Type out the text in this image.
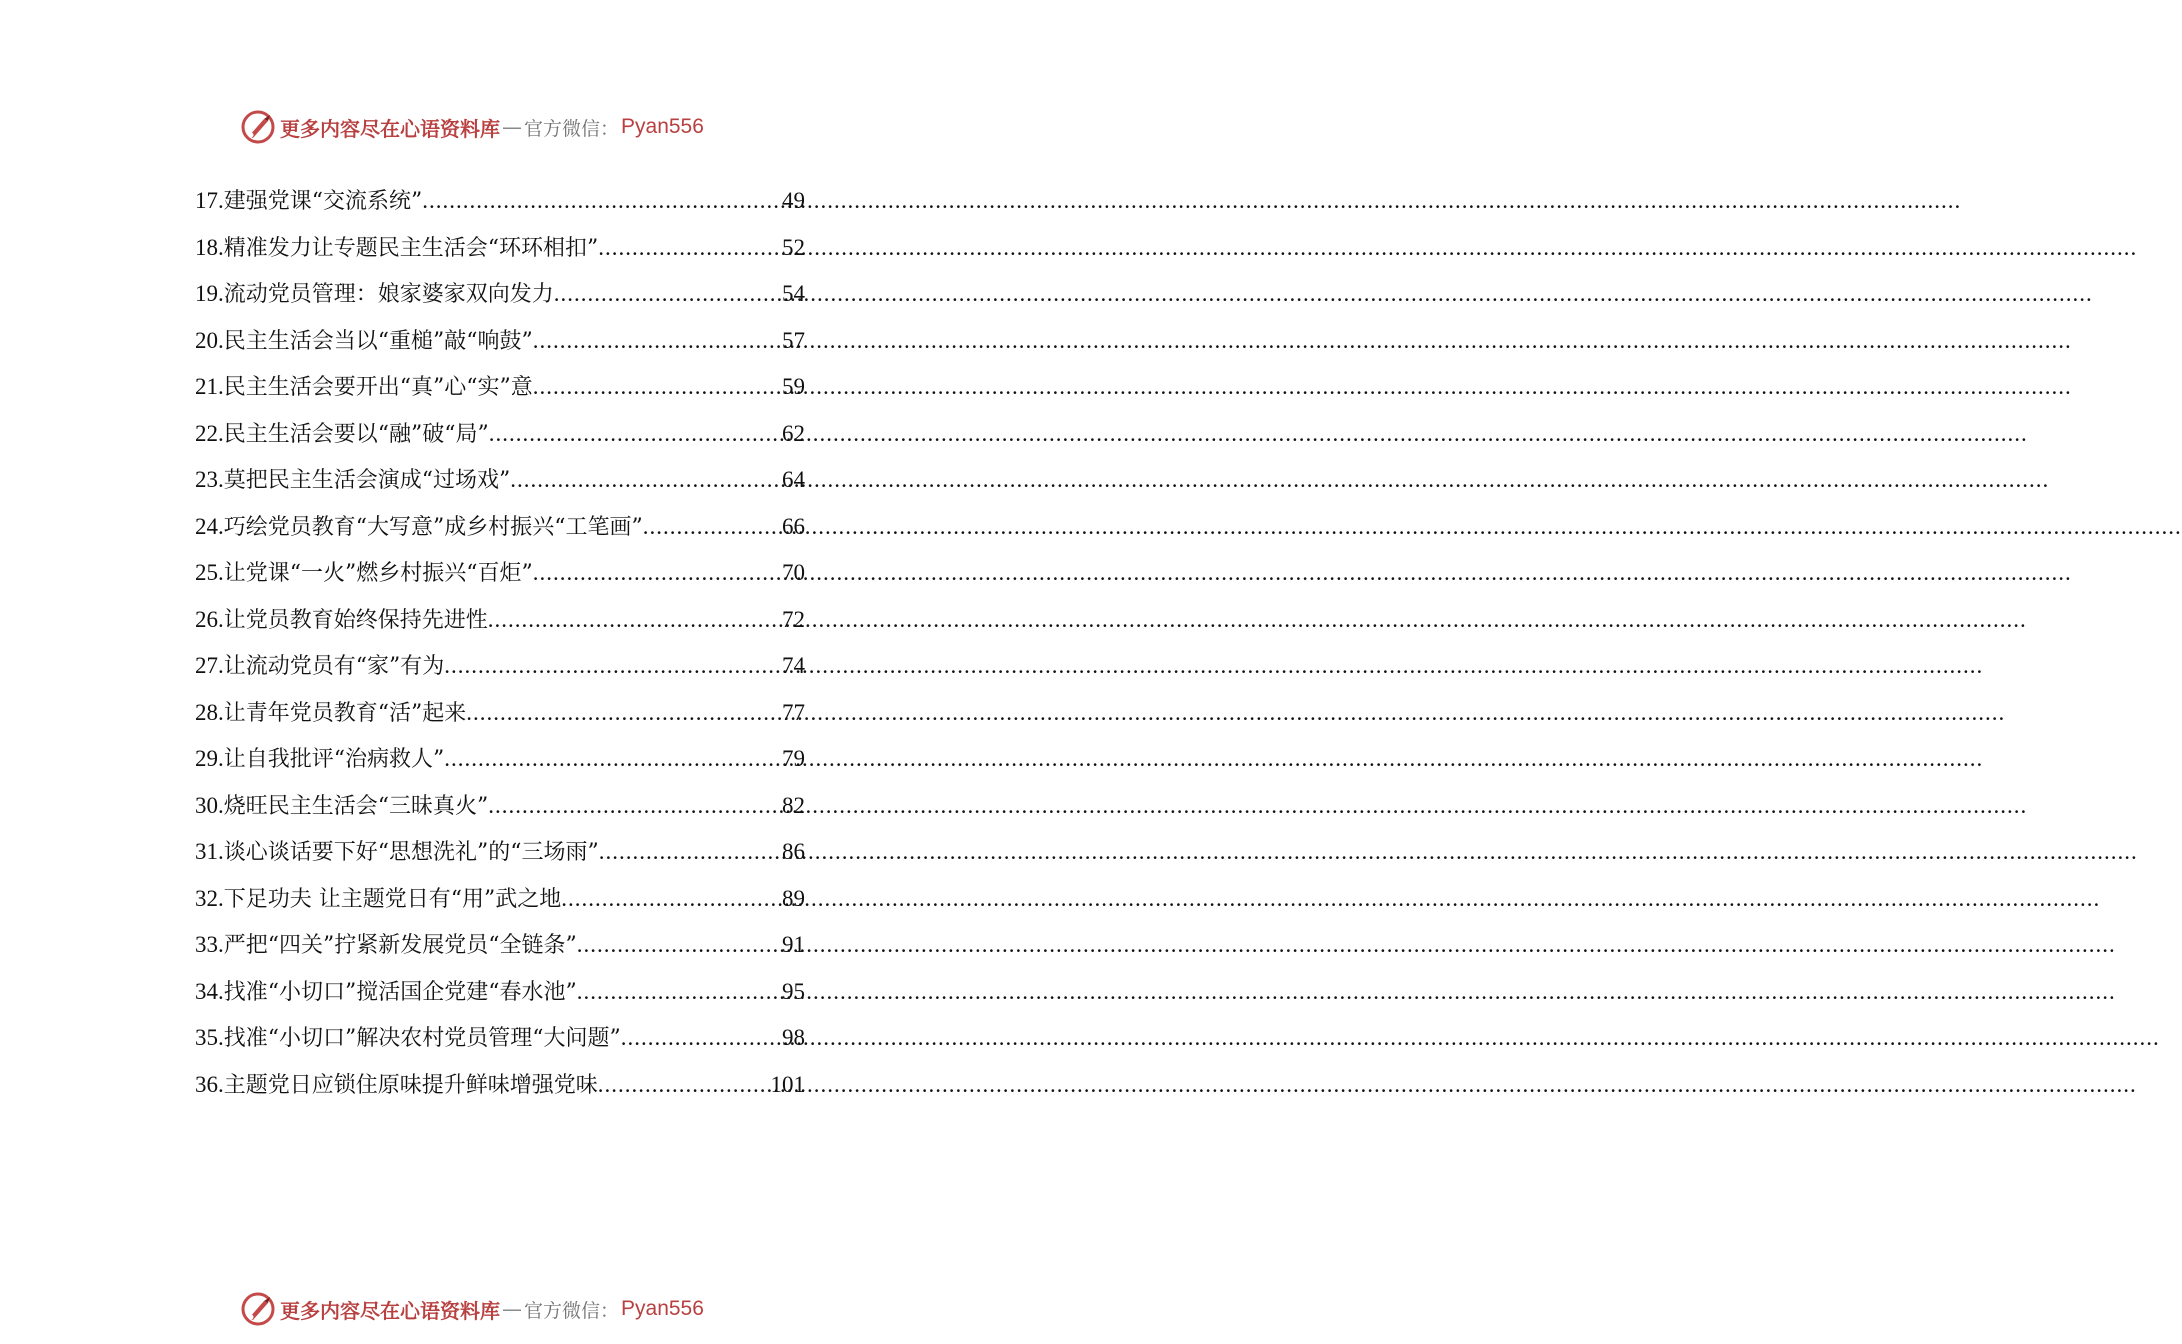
更多内容尽在心语资料库 — 官方微信： Pyan556
17. 建强党课“交流系统” .....	49
18. 精准发力让专题民主生活会“环环相扣” .....	52
19. 流动党员管理：娘家婆家双向发力 .....	54
20. 民主生活会当以“重槌”敲“响鼓” .....	57
21. 民主生活会要开出“真”心“实”意 .....	59
22. 民主生活会要以“融”破“局” .....	62
23. 莫把民主生活会演成“过场戏” .....	64
24. 巧绘党员教育“大写意”成乡村振兴“工笔画” .....	66
25. 让党课“一火”燃乡村振兴“百炬” .....	70
26. 让党员教育始终保持先进性 .....	72
27. 让流动党员有“家”有为 .....	74
28. 让青年党员教育“活”起来 .....	77
29. 让自我批评“治病救人” .....	79
30. 烧旺民主生活会“三昧真火” .....	82
31. 谈心谈话要下好“思想洗礼”的“三场雨” .....	86
32. 下足功夫 让主题党日有“用”武之地 .....	89
33. 严把“四关”拧紧新发展党员“全链条” .....	91
34. 找准“小切口”搅活国企党建“春水池” .....	95
35. 找准“小切口”解决农村党员管理“大问题” .....	98
36. 主题党日应锁住原味提升鲜味增强党味 .....	101
更多内容尽在心语资料库 — 官方微信： Pyan556
